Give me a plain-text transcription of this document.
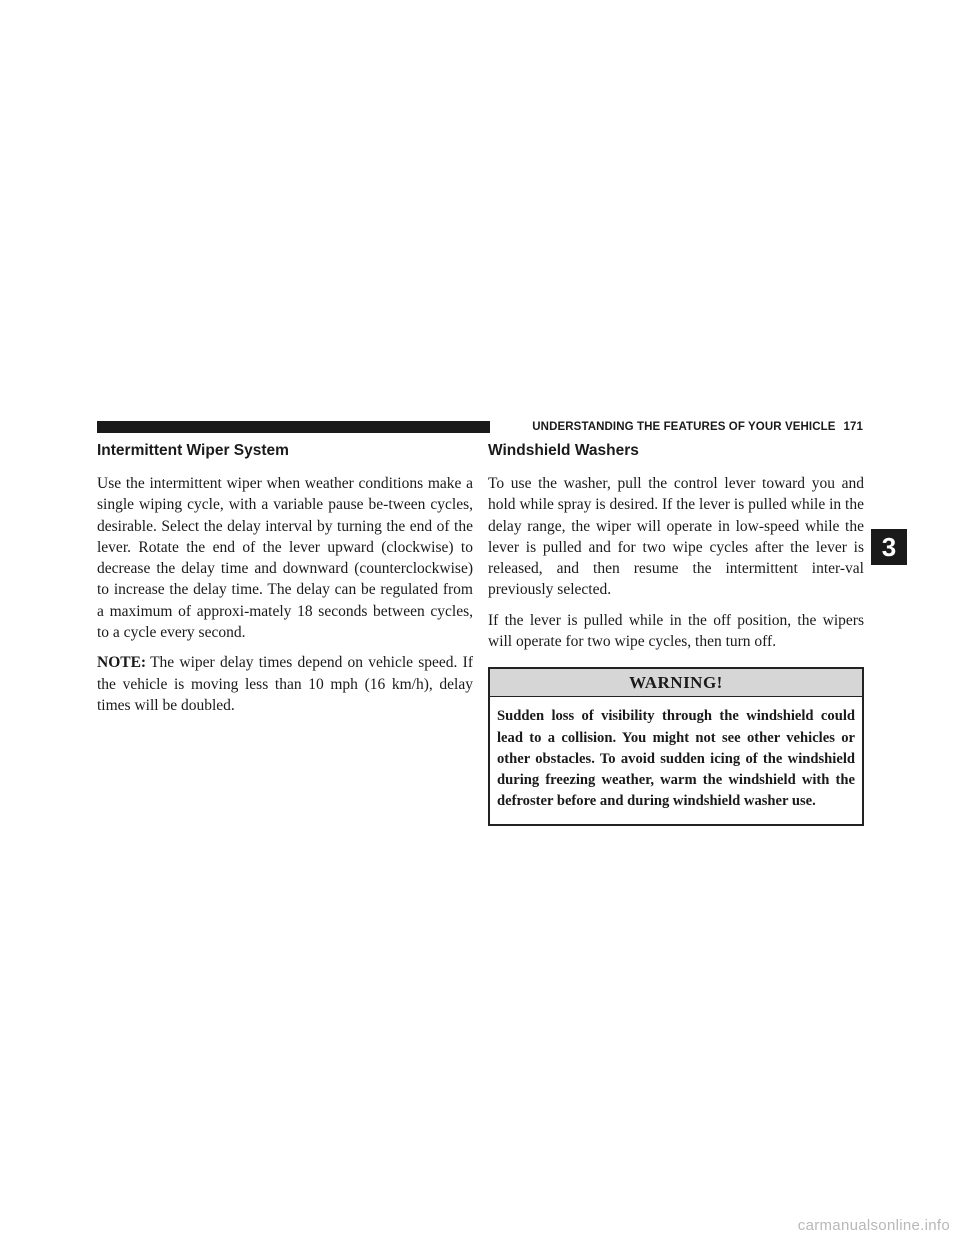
UNDERSTANDING THE FEATURES OF YOUR VEHICLE 171
Intermittent Wiper System

Use the intermittent wiper when weather conditions make a single wiping cycle, with a variable pause be-tween cycles, desirable. Select the delay interval by turning the end of the lever. Rotate the end of the lever upward (clockwise) to decrease the delay time and downward (counterclockwise) to increase the delay time. The delay can be regulated from a maximum of approxi-mately 18 seconds between cycles, to a cycle every second.

NOTE: The wiper delay times depend on vehicle speed. If the vehicle is moving less than 10 mph (16 km/h), delay times will be doubled.

Windshield Washers

To use the washer, pull the control lever toward you and hold while spray is desired. If the lever is pulled while in the delay range, the wiper will operate in low-speed while the lever is pulled and for two wipe cycles after the lever is released, and then resume the intermittent inter-val previously selected.

If the lever is pulled while in the off position, the wipers will operate for two wipe cycles, then turn off.

WARNING!
Sudden loss of visibility through the windshield could lead to a collision. You might not see other vehicles or other obstacles. To avoid sudden icing of the windshield during freezing weather, warm the windshield with the defroster before and during windshield washer use.
3
carmanualsonline.info
